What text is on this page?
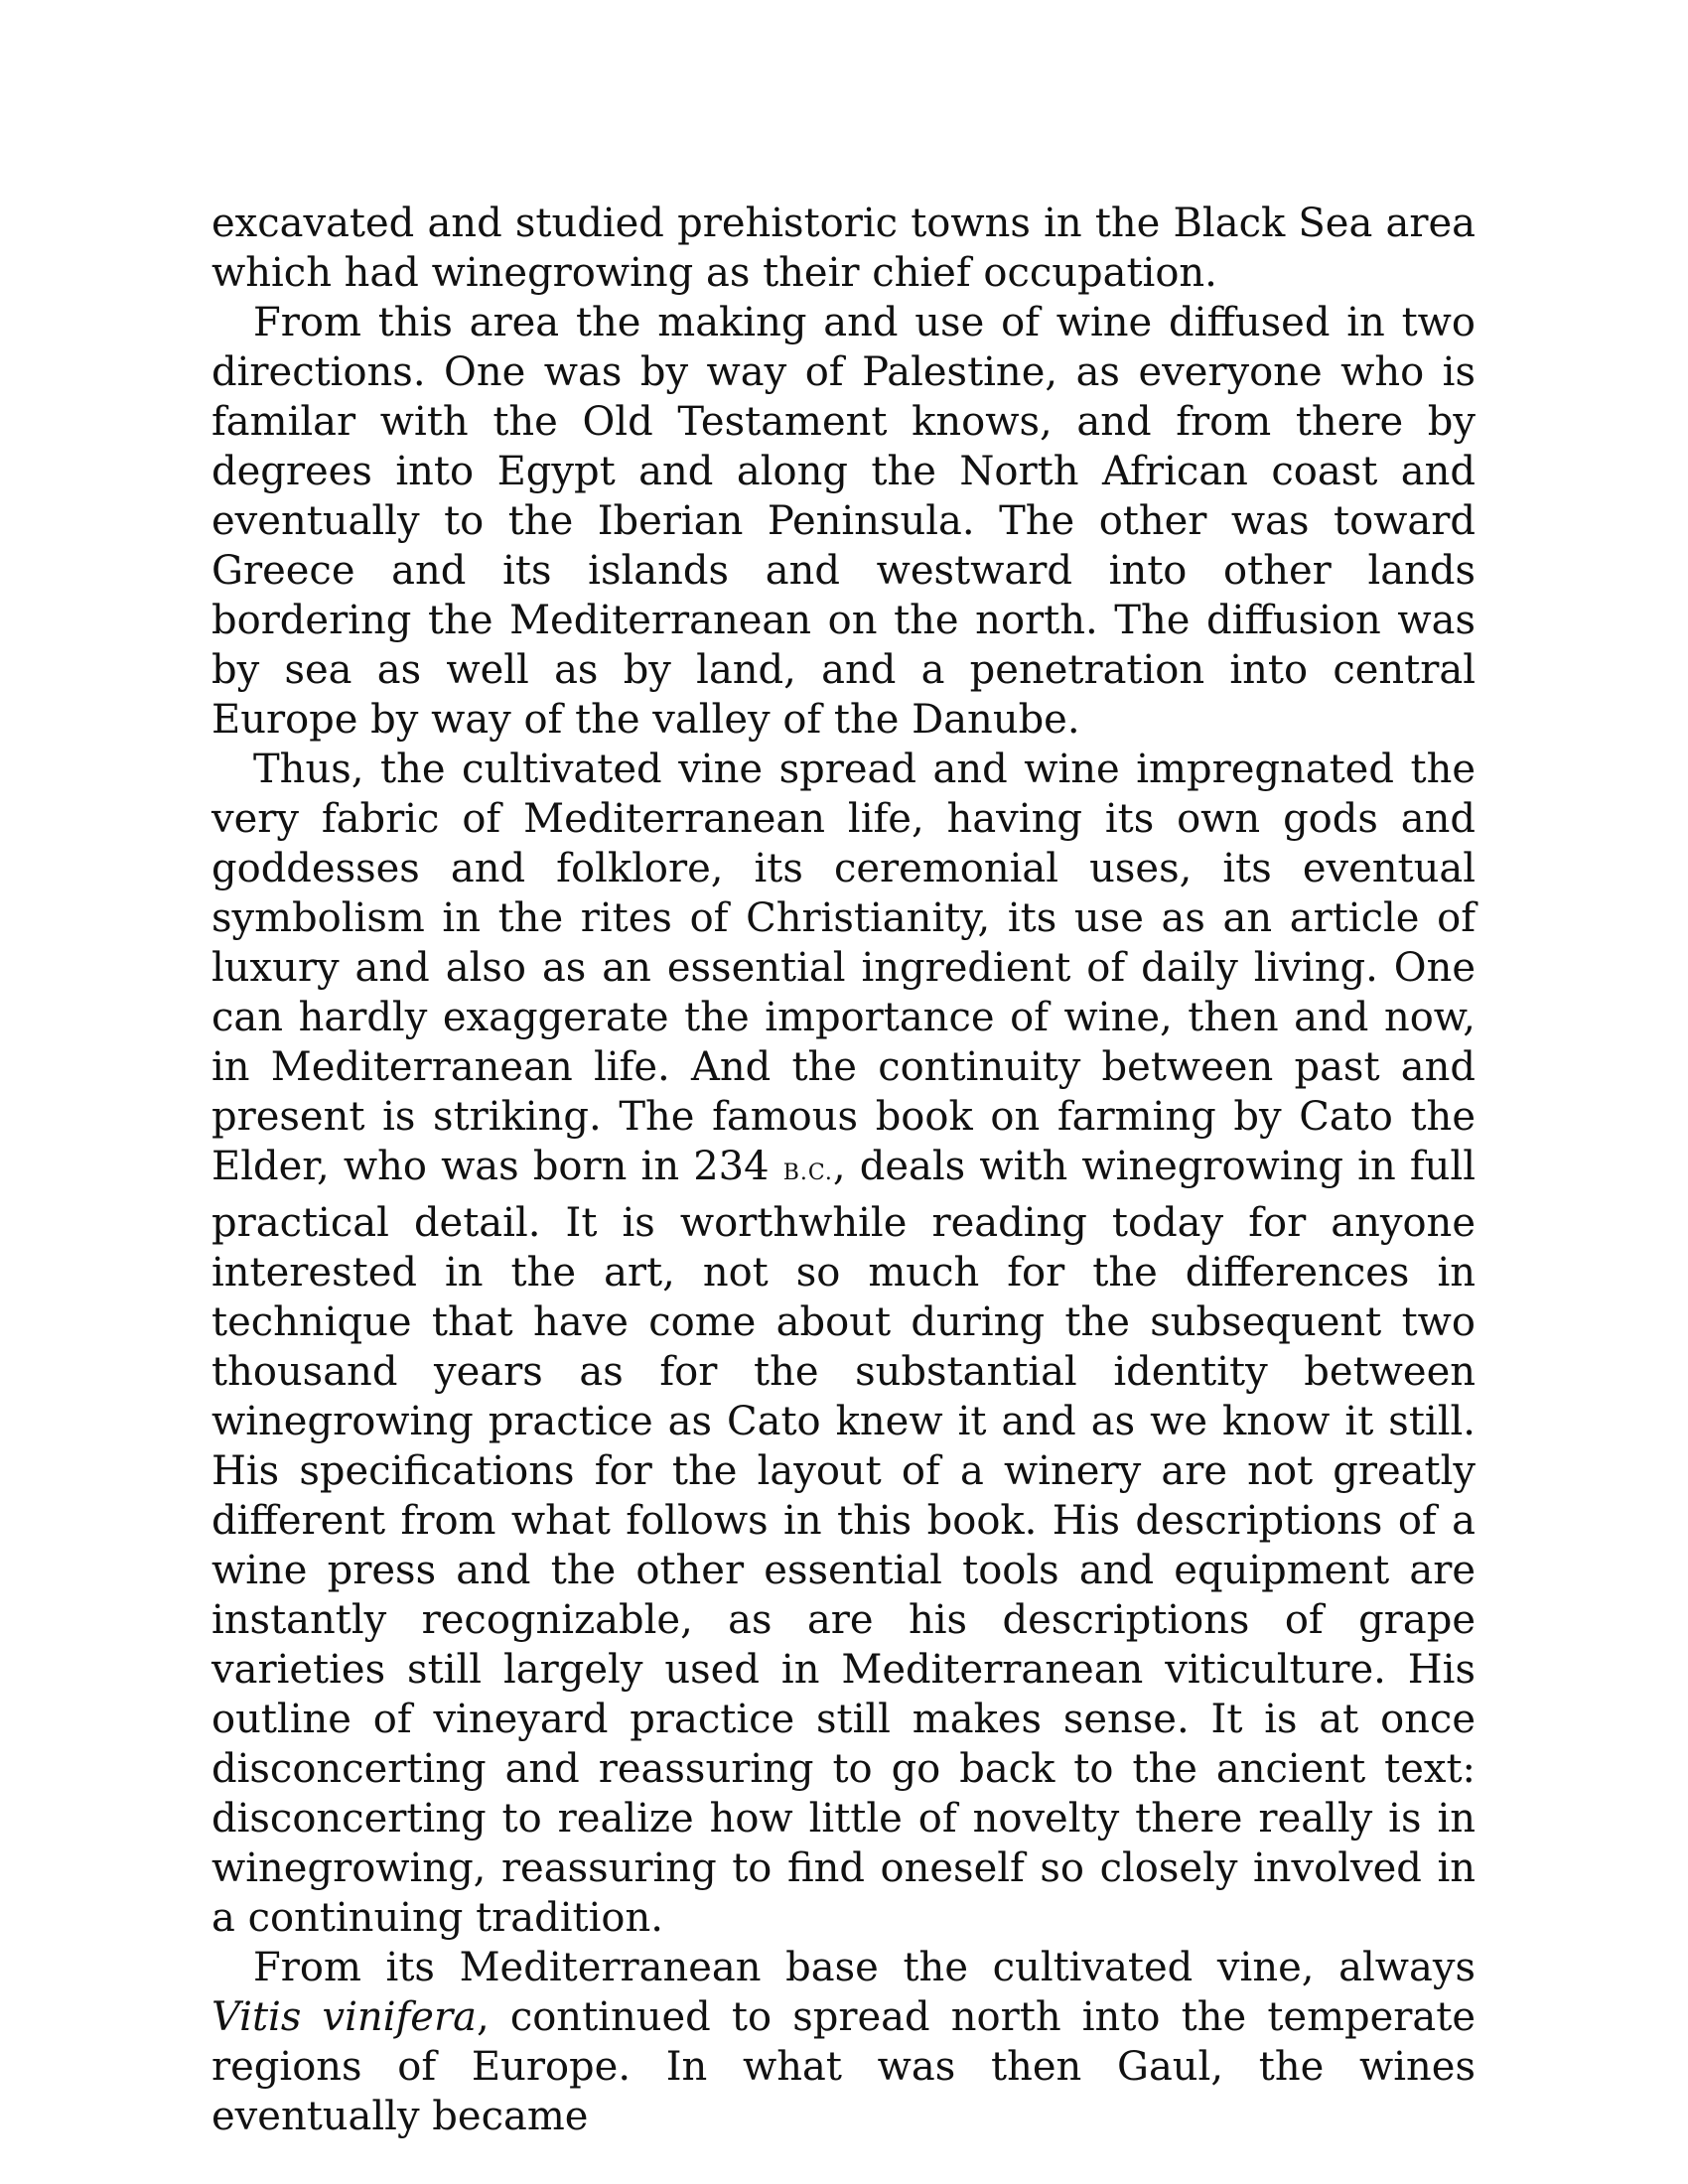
excavated and studied prehistoric towns in the Black Sea area which had winegrowing as their chief occupation.

From this area the making and use of wine diffused in two directions. One was by way of Palestine, as everyone who is familar with the Old Testament knows, and from there by degrees into Egypt and along the North African coast and eventually to the Iberian Peninsula. The other was toward Greece and its islands and westward into other lands bordering the Mediterranean on the north. The diffusion was by sea as well as by land, and a penetration into central Europe by way of the valley of the Danube.

Thus, the cultivated vine spread and wine impregnated the very fabric of Mediterranean life, having its own gods and goddesses and folklore, its ceremonial uses, its eventual symbolism in the rites of Christianity, its use as an article of luxury and also as an essential ingredient of daily living. One can hardly exaggerate the importance of wine, then and now, in Mediterranean life. And the continuity between past and present is striking. The famous book on farming by Cato the Elder, who was born in 234 B.C., deals with winegrowing in full practical detail. It is worthwhile reading today for anyone interested in the art, not so much for the differences in technique that have come about during the subsequent two thousand years as for the substantial identity between winegrowing practice as Cato knew it and as we know it still. His specifications for the layout of a winery are not greatly different from what follows in this book. His descriptions of a wine press and the other essential tools and equipment are instantly recognizable, as are his descriptions of grape varieties still largely used in Mediterranean viticulture. His outline of vineyard practice still makes sense. It is at once disconcerting and reassuring to go back to the ancient text: disconcerting to realize how little of novelty there really is in winegrowing, reassuring to find oneself so closely involved in a continuing tradition.

From its Mediterranean base the cultivated vine, always Vitis vinifera, continued to spread north into the temperate regions of Europe. In what was then Gaul, the wines eventually became
